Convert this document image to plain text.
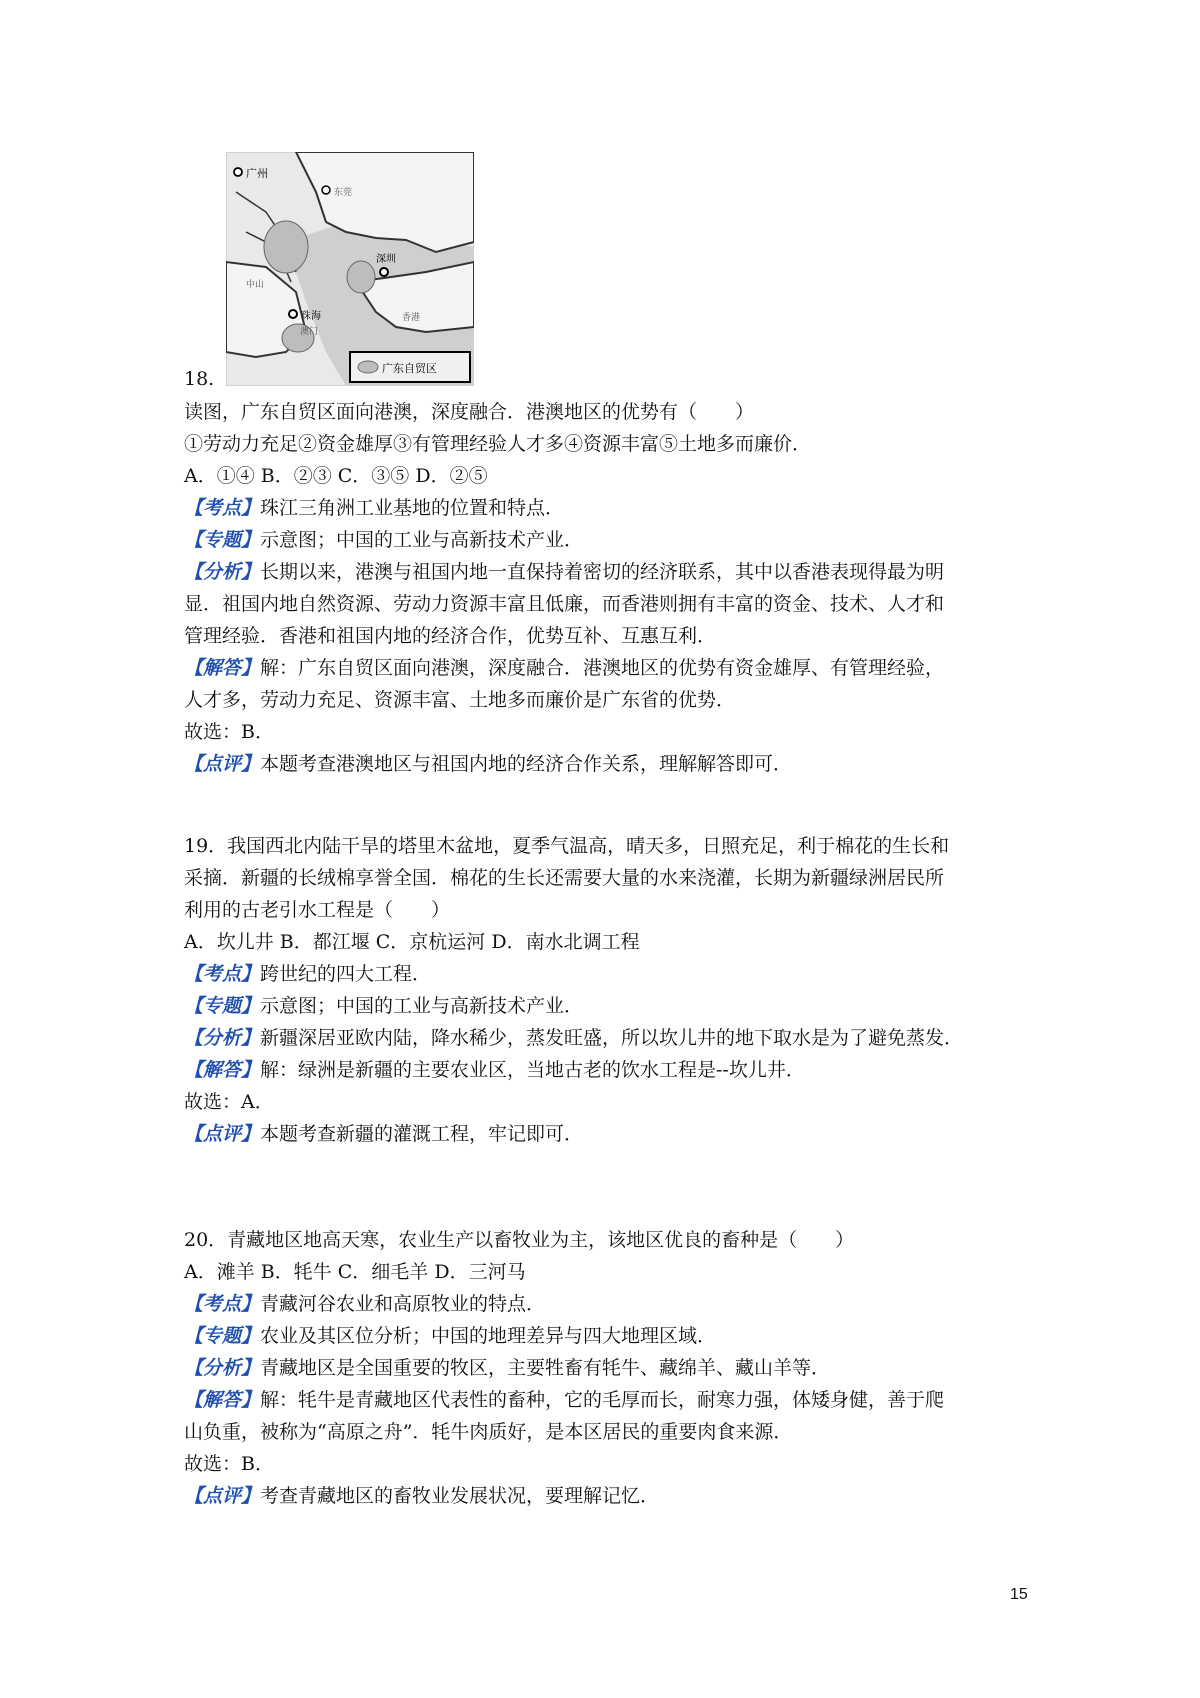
广州
东莞
深圳
珠海
中山
香港
澳门
广东自贸区
18.
读图，广东自贸区面向港澳，深度融合．港澳地区的优势有（　　）
①劳动力充足②资金雄厚③有管理经验人才多④资源丰富⑤土地多而廉价．
A．①④ B．②③ C．③⑤ D．②⑤
【考点】珠江三角洲工业基地的位置和特点．
【专题】示意图；中国的工业与高新技术产业．
【分析】长期以来，港澳与祖国内地一直保持着密切的经济联系，其中以香港表现得最为明
显．祖国内地自然资源、劳动力资源丰富且低廉，而香港则拥有丰富的资金、技术、人才和
管理经验．香港和祖国内地的经济合作，优势互补、互惠互利．
【解答】解：广东自贸区面向港澳，深度融合．港澳地区的优势有资金雄厚、有管理经验，
人才多，劳动力充足、资源丰富、土地多而廉价是广东省的优势．
故选：B．
【点评】本题考查港澳地区与祖国内地的经济合作关系，理解解答即可．
19．我国西北内陆干旱的塔里木盆地，夏季气温高，晴天多，日照充足，利于棉花的生长和
采摘．新疆的长绒棉享誉全国．棉花的生长还需要大量的水来浇灌，长期为新疆绿洲居民所
利用的古老引水工程是（　　）
A．坎儿井 B．都江堰 C．京杭运河 D．南水北调工程
【考点】跨世纪的四大工程．
【专题】示意图；中国的工业与高新技术产业．
【分析】新疆深居亚欧内陆，降水稀少，蒸发旺盛，所以坎儿井的地下取水是为了避免蒸发．
【解答】解：绿洲是新疆的主要农业区，当地古老的饮水工程是--坎儿井．
故选：A．
【点评】本题考查新疆的灌溉工程，牢记即可．
20．青藏地区地高天寒，农业生产以畜牧业为主，该地区优良的畜种是（　　）
A．滩羊 B．牦牛 C．细毛羊 D．三河马
【考点】青藏河谷农业和高原牧业的特点．
【专题】农业及其区位分析；中国的地理差异与四大地理区域．
【分析】青藏地区是全国重要的牧区，主要牲畜有牦牛、藏绵羊、藏山羊等．
【解答】解：牦牛是青藏地区代表性的畜种，它的毛厚而长，耐寒力强，体矮身健，善于爬
山负重，被称为“高原之舟”．牦牛肉质好，是本区居民的重要肉食来源．
故选：B．
【点评】考查青藏地区的畜牧业发展状况，要理解记忆．
15
